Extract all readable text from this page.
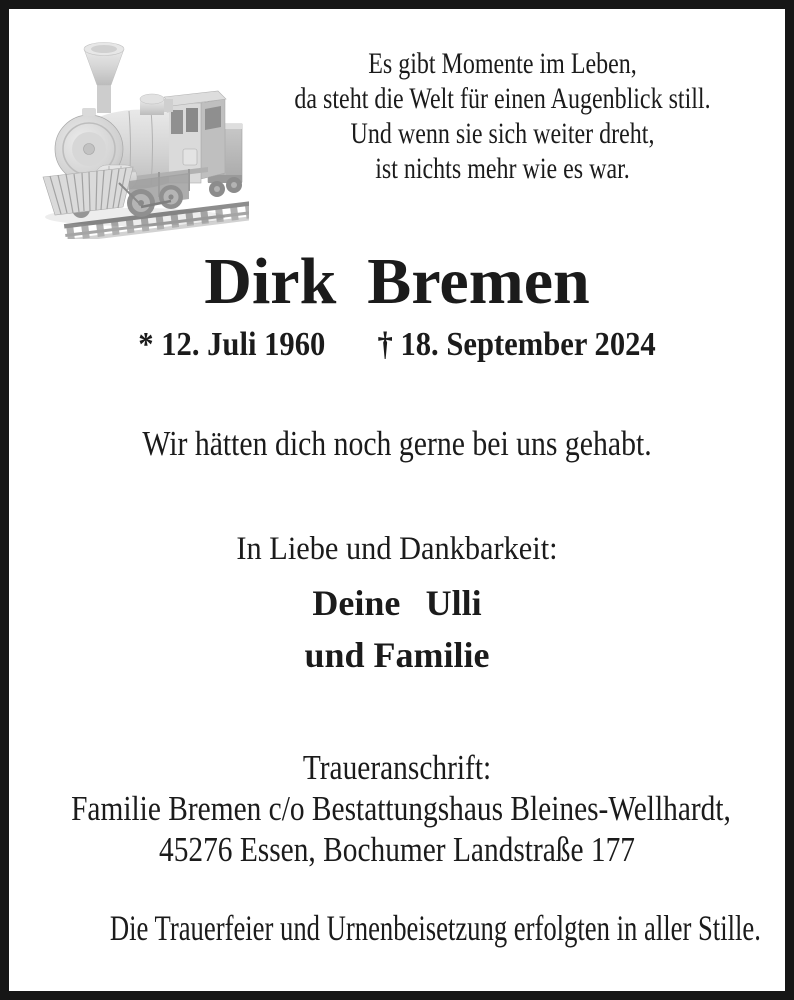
Es gibt Momente im Leben,
da steht die Welt für einen Augenblick still.
Und wenn sie sich weiter dreht,
ist nichts mehr wie es war.
Dirk Bremen
* 12. Juli 1960 † 18. September 2024
Wir hätten dich noch gerne bei uns gehabt.
In Liebe und Dankbarkeit:
Deine Ulli
und Familie
Traueranschrift:
Familie Bremen c/o Bestattungshaus Bleines-Wellhardt,
45276 Essen, Bochumer Landstraße 177
Die Trauerfeier und Urnenbeisetzung erfolgten in aller Stille.
